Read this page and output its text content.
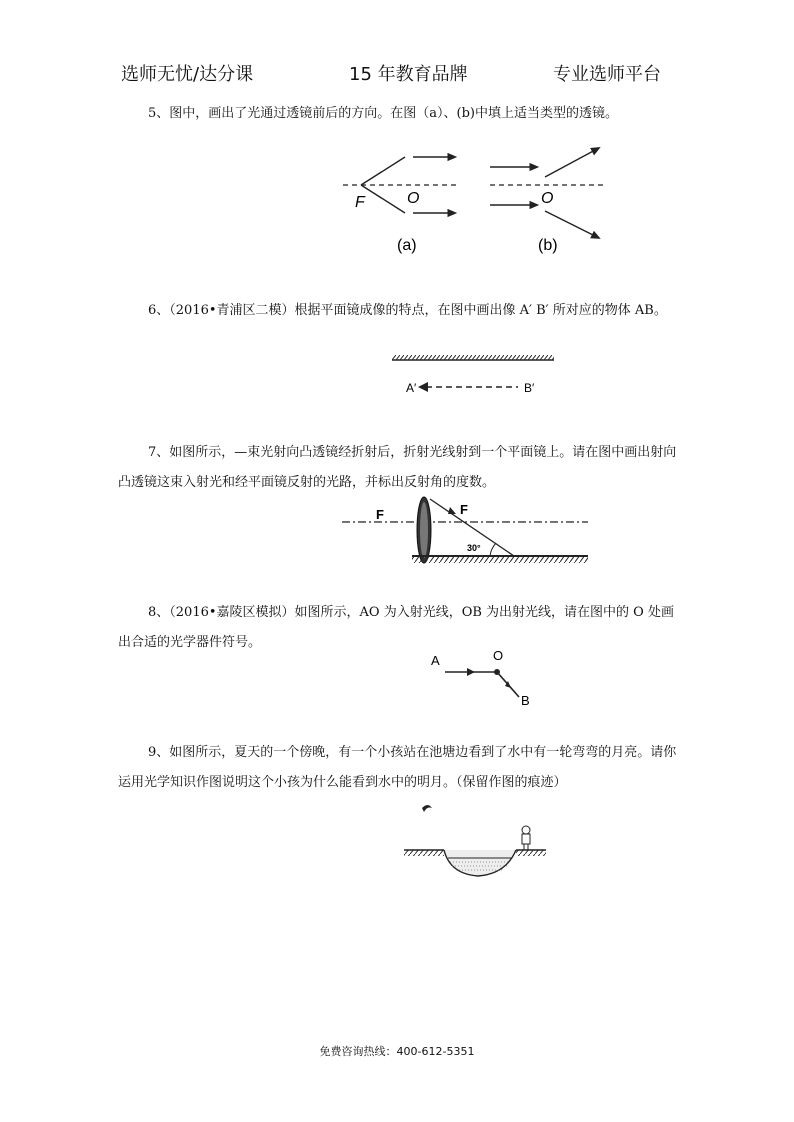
选师无忧/达分课	15 年教育品牌	专业选师平台
5、图中，画出了光通过透镜前后的方向。在图（a）、(b)中填上适当类型的透镜。
F	O
(a)
O
(b)
6、（2016•青浦区二模）根据平面镜成像的特点，在图中画出像 A′ B′ 所对应的物体 AB。
A′	B′
7、如图所示，—束光射向凸透镜经折射后，折射光线射到一个平面镜上。请在图中画出射向凸透镜这束入射光和经平面镜反射的光路，并标出反射角的度数。
30°
F	F
8、（2016•嘉陵区模拟）如图所示，AO 为入射光线，OB 为出射光线，请在图中的 O 处画出合适的光学器件符号。
A	O
B
9、如图所示，夏天的一个傍晚，有一个小孩站在池塘边看到了水中有一轮弯弯的月亮。请你运用光学知识作图说明这个小孩为什么能看到水中的明月。（保留作图的痕迹）
免费咨询热线：400-612-5351
